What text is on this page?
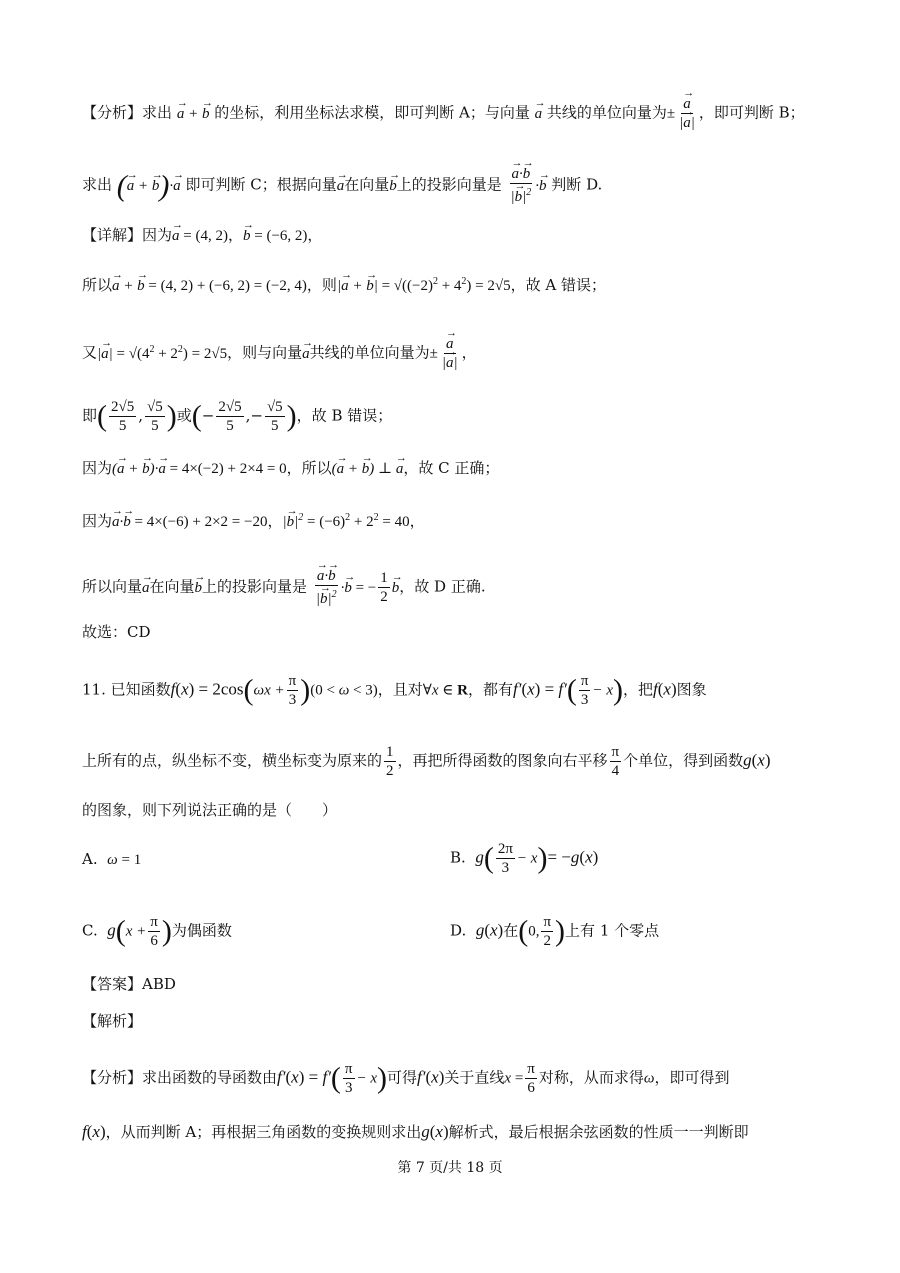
【分析】求出 → a + → b 的坐标，利用坐标法求模，即可判断 A；与向量 → a 共线的单位向量为±
→ $\frac{a}{|\to a|}$ ，即可判断 B；
求出 (→ a + → b)·→ a 即可判断 C；根据向量→ a在向量→ b上的投影向量是
→ $\frac{a\cdot\to b}{|\to b|^2} \cdot\to b$ 判断 D.
【详解】因为→ a = (4, 2)，→ b = (−6, 2)，
所以→ a + → b = (4, 2) + (−6, 2) = (−2, 4)，则|→ a + → $b| = √((-2)^2 + 4^2) = 2√5$，故 A 错误；
又|→ $a| = √(4^2 + 2^2) = 2√5$，则与向量→ a共线的单位向量为±
→ $\frac{a}{|\to a|}$ ，
即( $\frac{2√5}{5}$ , $\frac{√5}{5}$ )或(− $\frac{2√5}{5}$ ,− $\frac{√5}{5}$ )，故 B 错误；
因为(→ a + → b)·→ a = 4×(−2) + 2×4 = 0，所以(→ a + → b) ⊥ → a，故 C 正确；
因为→ a·→ b = 4×(−6) + 2×2 = −20，|→ $b|^2 = (-6)^2 + 2^2 = 40$，
所以向量→ a在向量→ b上的投影向量是
→ $\frac{a\cdot\to b}{|\to b|^2} \cdot\to b$ = − $\frac{1}{2}$
→ b，故 D 正确.
故选：CD
11. 已知函数$f(x) = 2\cos(\omega x + \frac{\pi}{3} )(0 < \omega < 3)$，且对∀x ∈ R，都有$f'(x) = f'( \frac{\pi}{3} - x)$，把f(x)图象
上所有的点，纵坐标不变，横坐标变为原来的 $\frac{1}{2}$ ，再把所得函数的图象向右平移 $\frac{\pi}{4}$ 个单位，得到函数g(x)
的图象，则下列说法正确的是（　　）
A. ω = 1	B. $g( \frac{2\pi}{3} - x)= -g(x)$
C. $g(x + \frac{\pi}{6}$ )为偶函数	D. g(x)在(0, $\frac{\pi}{2}$ )上有 1 个零点
【答案】ABD
【解析】
【分析】求出函数的导函数由$f'(x) = f'( \frac{\pi}{3} - x)$可得f′(x)关于直线$x = \frac{\pi}{6}$ 对称，从而求得ω，即可得到
f(x)，从而判断 A；再根据三角函数的变换规则求出g(x)解析式，最后根据余弦函数的性质一一判断即
第 7 页/共 18 页
